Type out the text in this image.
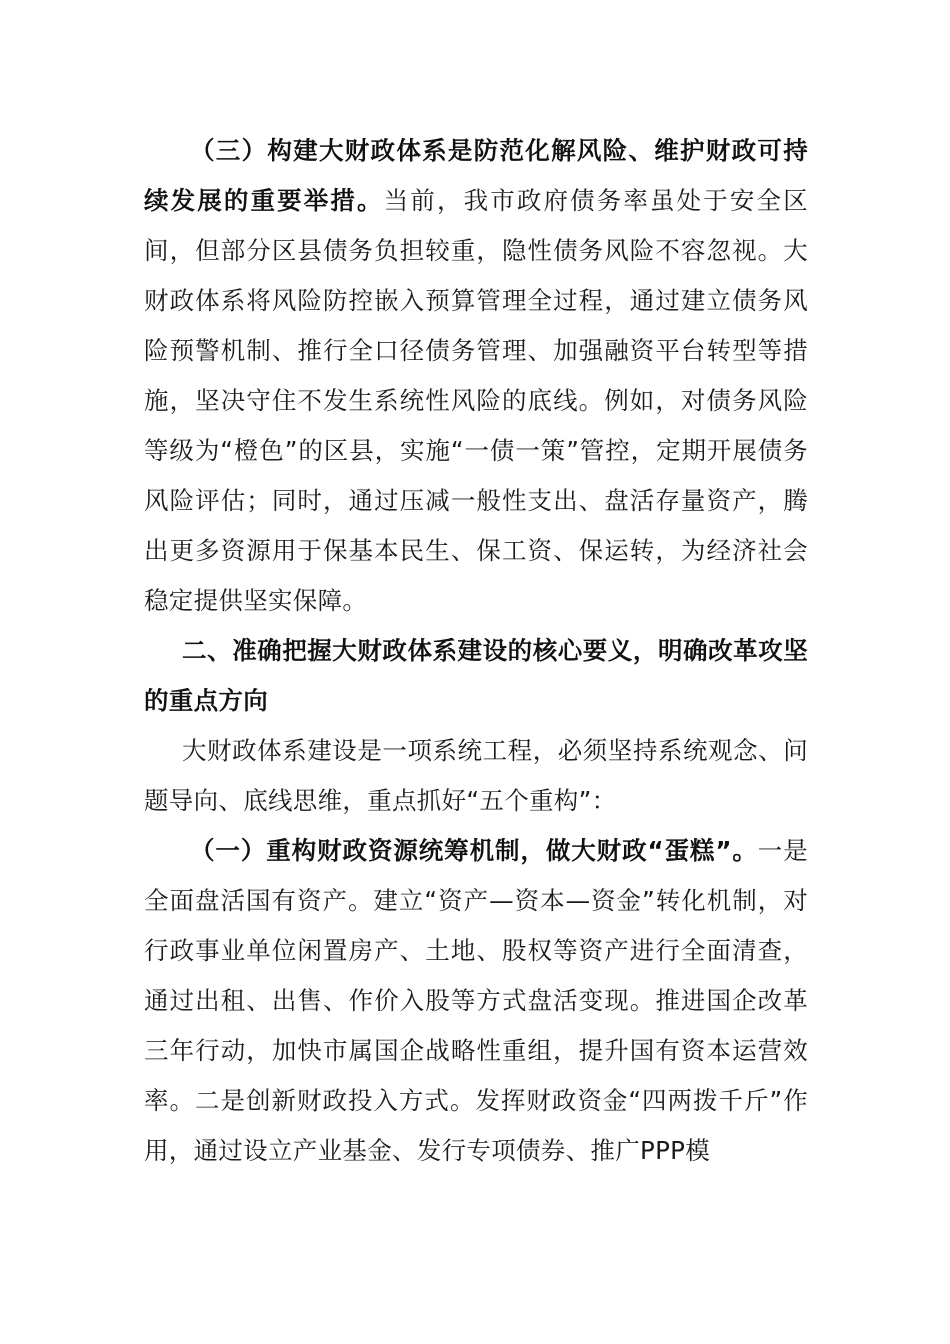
（三）构建大财政体系是防范化解风险、维护财政可持续发展的重要举措。当前，我市政府债务率虽处于安全区间，但部分区县债务负担较重，隐性债务风险不容忽视。大财政体系将风险防控嵌入预算管理全过程，通过建立债务风险预警机制、推行全口径债务管理、加强融资平台转型等措施，坚决守住不发生系统性风险的底线。例如，对债务风险等级为“橙色”的区县，实施“一债一策”管控，定期开展债务风险评估；同时，通过压减一般性支出、盘活存量资产，腾出更多资源用于保基本民生、保工资、保运转，为经济社会稳定提供坚实保障。

二、准确把握大财政体系建设的核心要义，明确改革攻坚的重点方向

大财政体系建设是一项系统工程，必须坚持系统观念、问题导向、底线思维，重点抓好“五个重构”：

（一）重构财政资源统筹机制，做大财政“蛋糕”。一是全面盘活国有资产。建立“资产—资本—资金”转化机制，对行政事业单位闲置房产、土地、股权等资产进行全面清查，通过出租、出售、作价入股等方式盘活变现。推进国企改革三年行动，加快市属国企战略性重组，提升国有资本运营效率。二是创新财政投入方式。发挥财政资金“四两拨千斤”作用，通过设立产业基金、发行专项债券、推广PPP模
